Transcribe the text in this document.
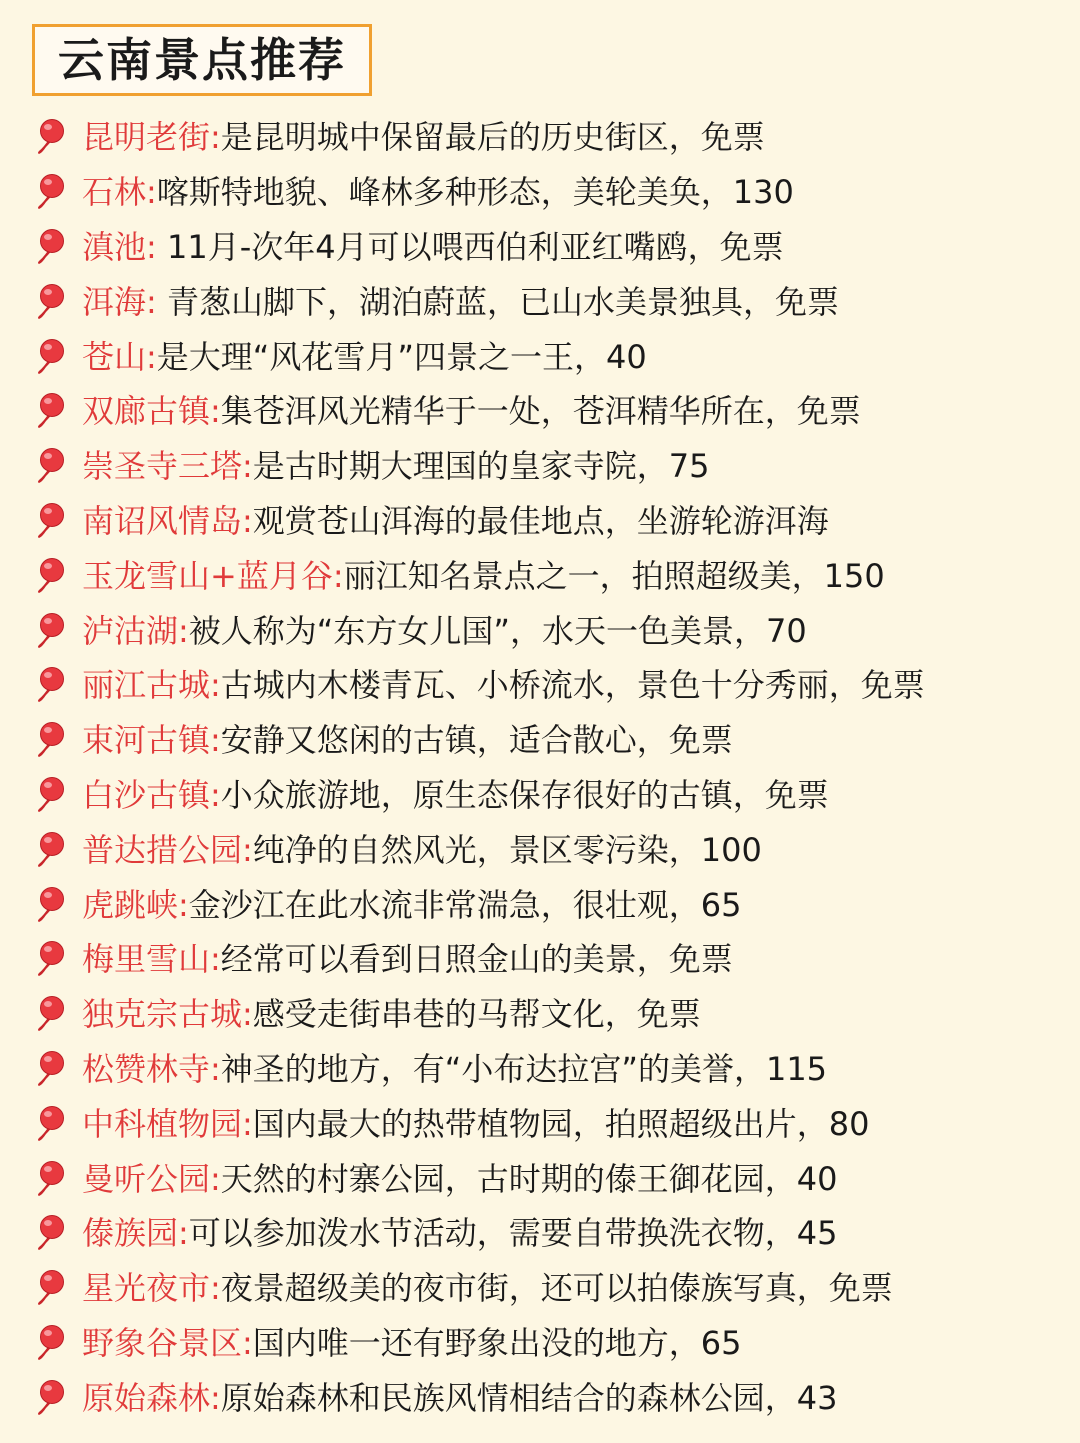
云南景点推荐
昆明老街:是昆明城中保留最后的历史街区，免票
石林:喀斯特地貌、峰林多种形态，美轮美奂，130
滇池: 11月-次年4月可以喂西伯利亚红嘴鸥，免票
洱海: 青葱山脚下，湖泊蔚蓝，已山水美景独具，免票
苍山:是大理“风花雪月”四景之一王，40
双廊古镇:集苍洱风光精华于一处，苍洱精华所在，免票
崇圣寺三塔:是古时期大理国的皇家寺院，75
南诏风情岛:观赏苍山洱海的最佳地点，坐游轮游洱海
玉龙雪山+蓝月谷:丽江知名景点之一，拍照超级美，150
泸沽湖:被人称为“东方女儿国”，水天一色美景，70
丽江古城:古城内木楼青瓦、小桥流水，景色十分秀丽，免票
束河古镇:安静又悠闲的古镇，适合散心，免票
白沙古镇:小众旅游地，原生态保存很好的古镇，免票
普达措公园:纯净的自然风光，景区零污染，100
虎跳峡:金沙江在此水流非常湍急，很壮观，65
梅里雪山:经常可以看到日照金山的美景，免票
独克宗古城:感受走街串巷的马帮文化，免票
松赞林寺:神圣的地方，有“小布达拉宫”的美誉，115
中科植物园:国内最大的热带植物园，拍照超级出片，80
曼听公园:天然的村寨公园，古时期的傣王御花园，40
傣族园:可以参加泼水节活动，需要自带换洗衣物，45
星光夜市:夜景超级美的夜市街，还可以拍傣族写真，免票
野象谷景区:国内唯一还有野象出没的地方，65
原始森林:原始森林和民族风情相结合的森林公园，43
